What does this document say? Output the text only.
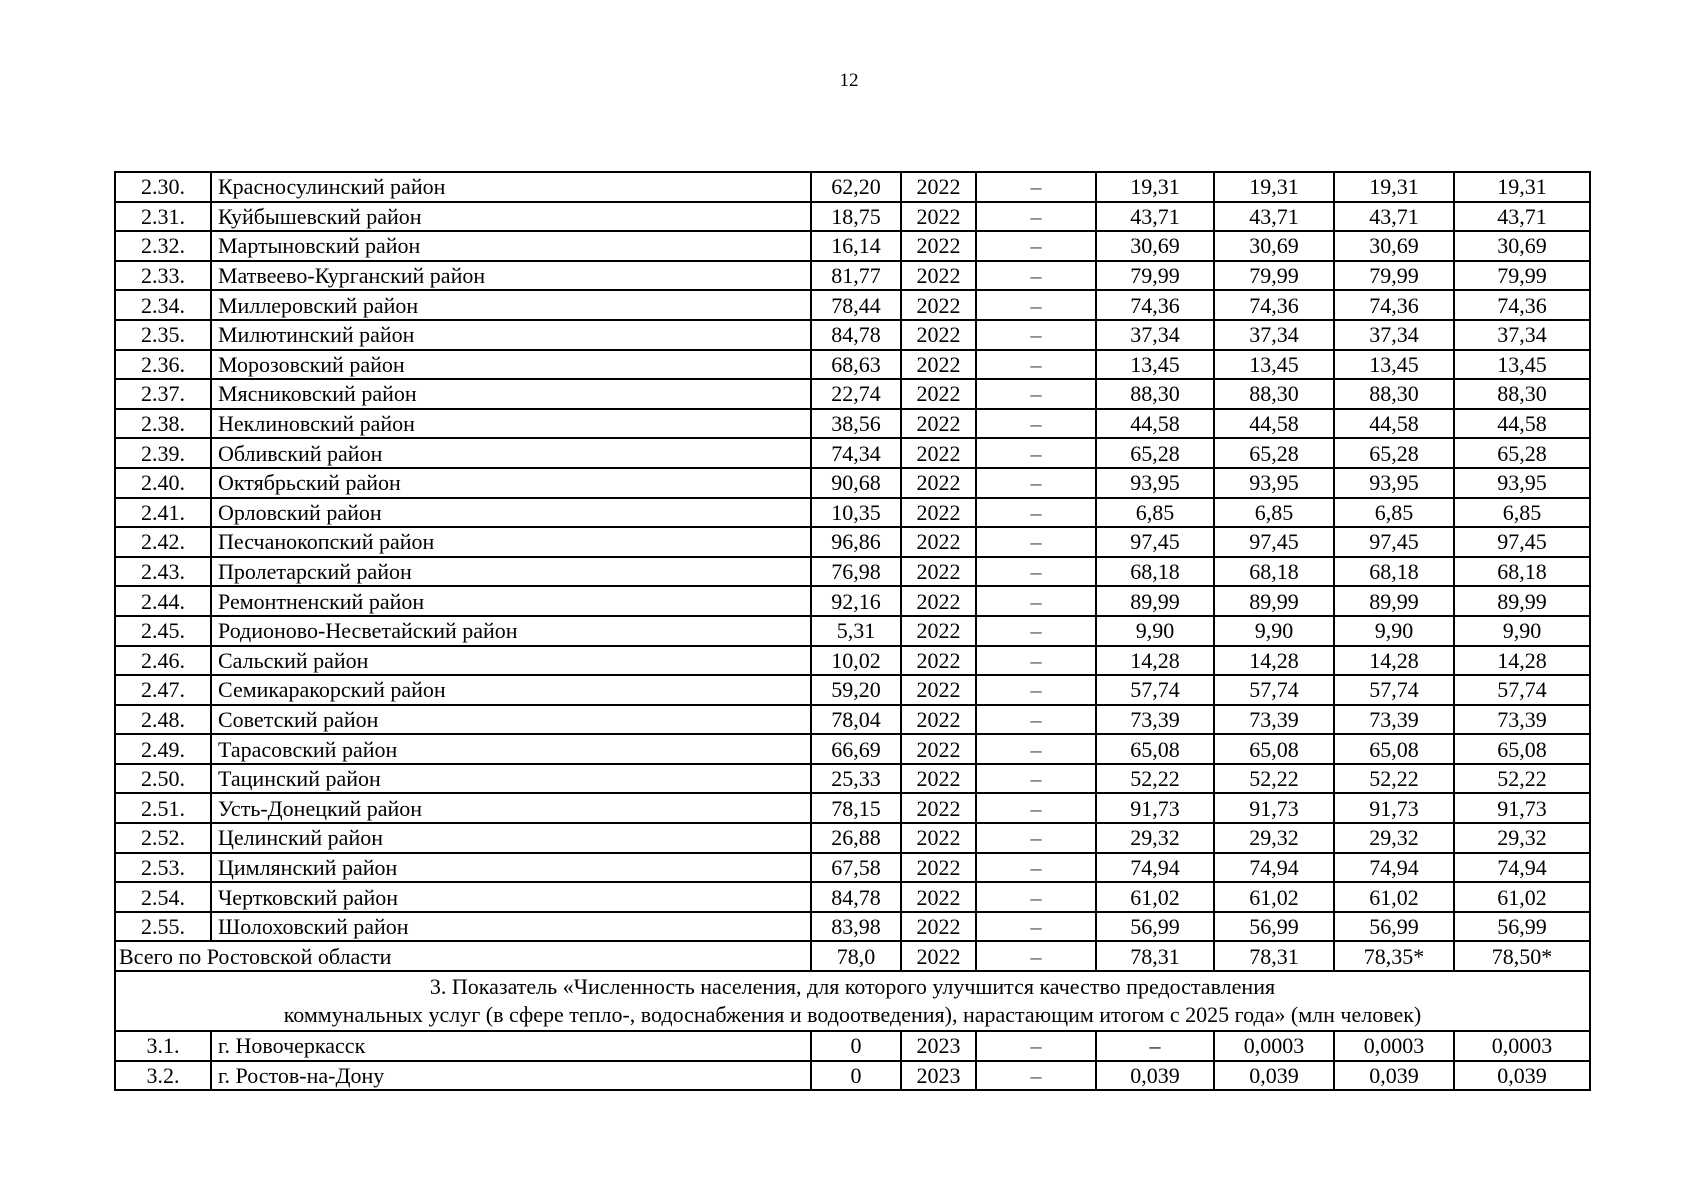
12
2.30.	Красносулинский район	62,20	2022	–	19,31	19,31	19,31	19,31
2.31.	Куйбышевский район	18,75	2022	–	43,71	43,71	43,71	43,71
2.32.	Мартыновский район	16,14	2022	–	30,69	30,69	30,69	30,69
2.33.	Матвеево-Курганский район	81,77	2022	–	79,99	79,99	79,99	79,99
2.34.	Миллеровский район	78,44	2022	–	74,36	74,36	74,36	74,36
2.35.	Милютинский район	84,78	2022	–	37,34	37,34	37,34	37,34
2.36.	Морозовский район	68,63	2022	–	13,45	13,45	13,45	13,45
2.37.	Мясниковский район	22,74	2022	–	88,30	88,30	88,30	88,30
2.38.	Неклиновский район	38,56	2022	–	44,58	44,58	44,58	44,58
2.39.	Обливский район	74,34	2022	–	65,28	65,28	65,28	65,28
2.40.	Октябрьский район	90,68	2022	–	93,95	93,95	93,95	93,95
2.41.	Орловский район	10,35	2022	–	6,85	6,85	6,85	6,85
2.42.	Песчанокопский район	96,86	2022	–	97,45	97,45	97,45	97,45
2.43.	Пролетарский район	76,98	2022	–	68,18	68,18	68,18	68,18
2.44.	Ремонтненский район	92,16	2022	–	89,99	89,99	89,99	89,99
2.45.	Родионово-Несветайский район	5,31	2022	–	9,90	9,90	9,90	9,90
2.46.	Сальский район	10,02	2022	–	14,28	14,28	14,28	14,28
2.47.	Семикаракорский район	59,20	2022	–	57,74	57,74	57,74	57,74
2.48.	Советский район	78,04	2022	–	73,39	73,39	73,39	73,39
2.49.	Тарасовский район	66,69	2022	–	65,08	65,08	65,08	65,08
2.50.	Тацинский район	25,33	2022	–	52,22	52,22	52,22	52,22
2.51.	Усть-Донецкий район	78,15	2022	–	91,73	91,73	91,73	91,73
2.52.	Целинский район	26,88	2022	–	29,32	29,32	29,32	29,32
2.53.	Цимлянский район	67,58	2022	–	74,94	74,94	74,94	74,94
2.54.	Чертковский район	84,78	2022	–	61,02	61,02	61,02	61,02
2.55.	Шолоховский район	83,98	2022	–	56,99	56,99	56,99	56,99
Всего по Ростовской области		78,0	2022	–	78,31	78,31	78,35*	78,50*

3. Показатель «Численность населения, для которого улучшится качество предоставления
коммунальных услуг (в сфере тепло-, водоснабжения и водоотведения), нарастающим итогом с 2025 года» (млн человек)								

3.1.	г. Новочеркасск	0	2023	–	–	0,0003	0,0003	0,0003
3.2.	г. Ростов-на-Дону	0	2023	–	0,039	0,039	0,039	0,039
